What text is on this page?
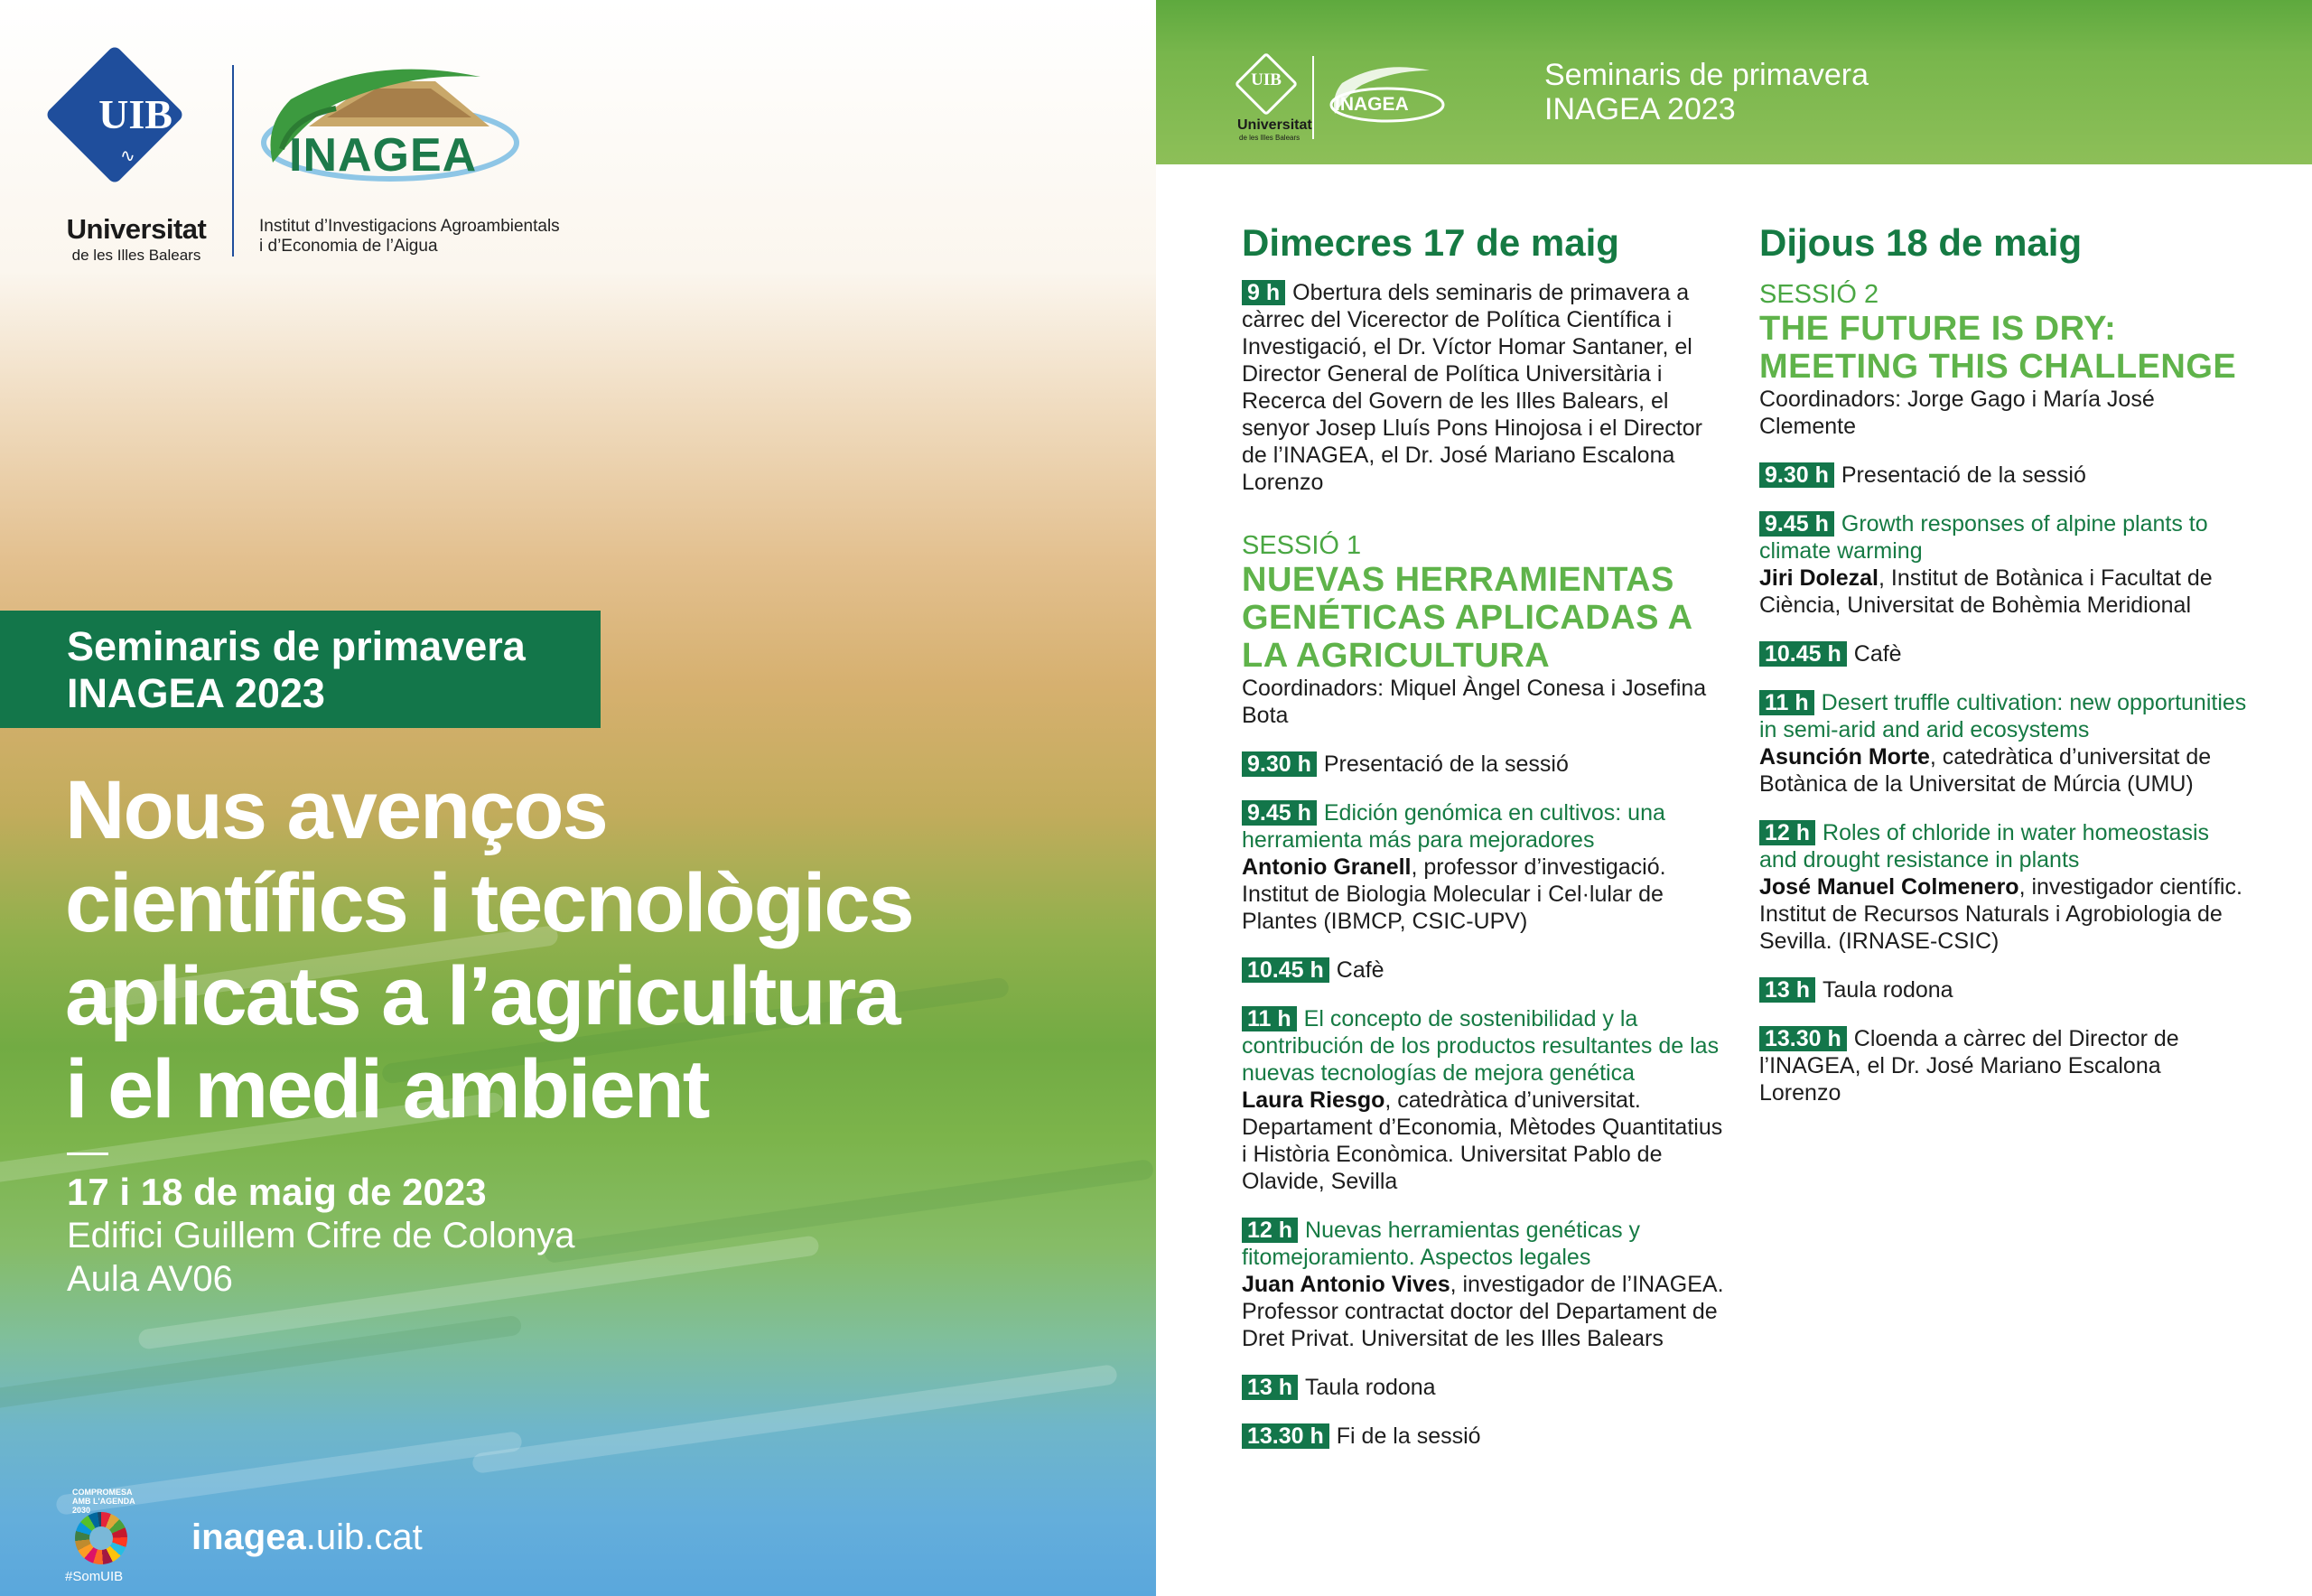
UIB
∿
Universitat
de les Illes Balears
INAGEA
Institut d’Investigacions Agroambientals
i d’Economia de l’Aigua
Seminaris de primavera
INAGEA 2023
Nous avenços
científics i tecnològics
aplicats a l’agricultura
i el medi ambient
17 i 18 de maig de 2023
Edifici Guillem Cifre de Colonya
Aula AV06
COMPROMESA AMB L'AGENDA 2030
#SomUIB
inagea.uib.cat
UIB
Universitat
de les Illes Balears
INAGEA
Seminaris de primavera
INAGEA 2023
Dimecres 17 de maig
9 h Obertura dels seminaris de primavera a càrrec del Vicerector de Política Científica i Investigació, el Dr. Víctor Homar Santaner, el Director General de Política Universitària i Recerca del Govern de les Illes Balears, el senyor Josep Lluís Pons Hinojosa i el Director de l’INAGEA, el Dr. José Mariano Escalona Lorenzo
SESSIÓ 1
NUEVAS HERRAMIENTAS GENÉTICAS APLICADAS A LA AGRICULTURA
Coordinadors: Miquel Àngel Conesa i Josefina Bota
9.30 h Presentació de la sessió
9.45 h Edición genómica en cultivos: una herramienta más para mejoradores
Antonio Granell, professor d’investigació. Institut de Biologia Molecular i Cel·lular de Plantes (IBMCP, CSIC-UPV)
10.45 h Cafè
11 h El concepto de sostenibilidad y la contribución de los productos resultantes de las nuevas tecnologías de mejora genética
Laura Riesgo, catedràtica d’universitat. Departament d’Economia, Mètodes Quantitatius i Història Econòmica. Universitat Pablo de Olavide, Sevilla
12 h Nuevas herramientas genéticas y fitomejoramiento. Aspectos legales
Juan Antonio Vives, investigador de l’INAGEA. Professor contractat doctor del Departament de Dret Privat. Universitat de les Illes Balears
13 h Taula rodona
13.30 h Fi de la sessió
Dijous 18 de maig
SESSIÓ 2
THE FUTURE IS DRY: MEETING THIS CHALLENGE
Coordinadors: Jorge Gago i María José Clemente
9.30 h Presentació de la sessió
9.45 h Growth responses of alpine plants to climate warming
Jiri Dolezal, Institut de Botànica i Facultat de Ciència, Universitat de Bohèmia Meridional
10.45 h Cafè
11 h Desert truffle cultivation: new opportunities in semi-arid and arid ecosystems
Asunción Morte, catedràtica d’universitat de Botànica de la Universitat de Múrcia (UMU)
12 h Roles of chloride in water homeostasis and drought resistance in plants
José Manuel Colmenero, investigador científic. Institut de Recursos Naturals i Agrobiologia de Sevilla. (IRNASE-CSIC)
13 h Taula rodona
13.30 h Cloenda a càrrec del Director de l’INAGEA, el Dr. José Mariano Escalona Lorenzo
